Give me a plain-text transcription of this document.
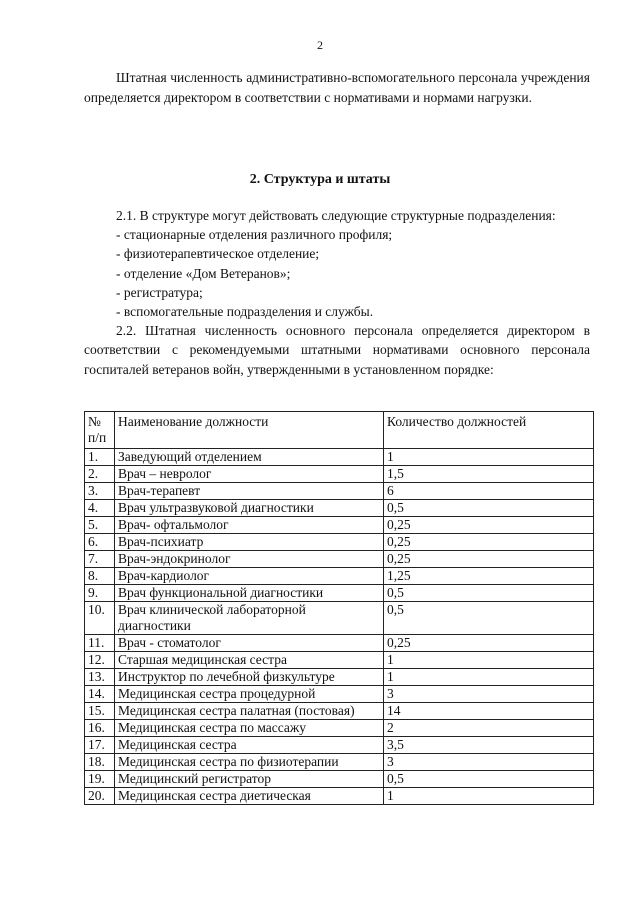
2

Штатная численность административно-вспомогательного персонала учреждения определяется директором в соответствии с нормативами и нормами нагрузки.

2. Структура и штаты

2.1. В структуре могут действовать следующие структурные подразделения:

- стационарные отделения различного профиля;

- физиотерапевтическое отделение;

- отделение «Дом Ветеранов»;

- регистратура;

- вспомогательные подразделения и службы.

2.2. Штатная численность основного персонала определяется директором в соответствии с рекомендуемыми штатными нормативами основного персонала госпиталей ветеранов войн, утвержденными в установленном порядке:

№ п/п	Наименование должности	Количество должностей
1.	Заведующий отделением	1
2.	Врач – невролог	1,5
3.	Врач-терапевт	6
4.	Врач ультразвуковой диагностики	0,5
5.	Врач- офтальмолог	0,25
6.	Врач-психиатр	0,25
7.	Врач-эндокринолог	0,25
8.	Врач-кардиолог	1,25
9.	Врач функциональной диагностики	0,5
10.	Врач клинической лабораторной диагностики	0,5
11.	Врач - стоматолог	0,25
12.	Старшая медицинская сестра	1
13.	Инструктор по лечебной физкультуре	1
14.	Медицинская сестра процедурной	3
15.	Медицинская сестра палатная (постовая)	14
16.	Медицинская сестра по массажу	2
17.	Медицинская сестра	3,5
18.	Медицинская сестра по физиотерапии	3
19.	Медицинский регистратор	0,5
20.	Медицинская сестра диетическая	1
